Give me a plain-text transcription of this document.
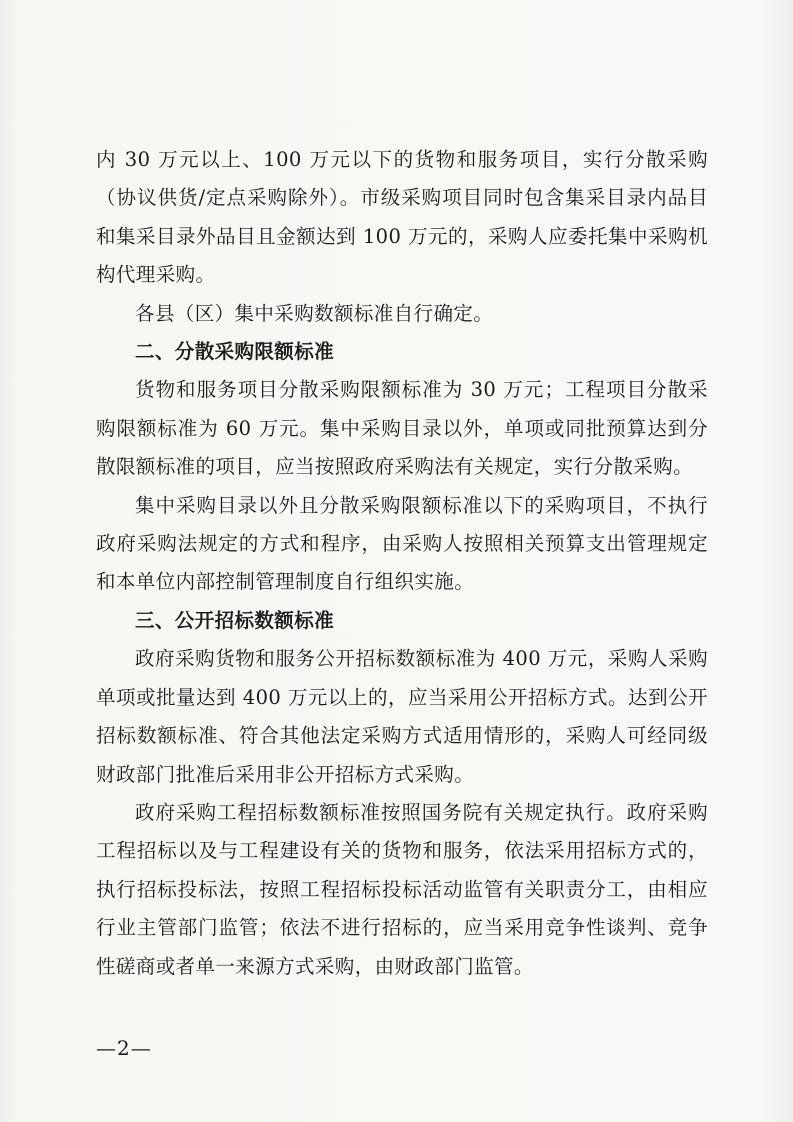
内 30 万元以上、100 万元以下的货物和服务项目，实行分散采购（协议供货/定点采购除外）。市级采购项目同时包含集采目录内品目和集采目录外品目且金额达到 100 万元的，采购人应委托集中采购机构代理采购。

各县（区）集中采购数额标准自行确定。

二、分散采购限额标准

货物和服务项目分散采购限额标准为 30 万元；工程项目分散采购限额标准为 60 万元。集中采购目录以外，单项或同批预算达到分散限额标准的项目，应当按照政府采购法有关规定，实行分散采购。

集中采购目录以外且分散采购限额标准以下的采购项目，不执行政府采购法规定的方式和程序，由采购人按照相关预算支出管理规定和本单位内部控制管理制度自行组织实施。

三、公开招标数额标准

政府采购货物和服务公开招标数额标准为 400 万元，采购人采购单项或批量达到 400 万元以上的，应当采用公开招标方式。达到公开招标数额标准、符合其他法定采购方式适用情形的，采购人可经同级财政部门批准后采用非公开招标方式采购。

政府采购工程招标数额标准按照国务院有关规定执行。政府采购工程招标以及与工程建设有关的货物和服务，依法采用招标方式的，执行招标投标法，按照工程招标投标活动监管有关职责分工，由相应行业主管部门监管；依法不进行招标的，应当采用竞争性谈判、竞争性磋商或者单一来源方式采购，由财政部门监管。

—2—
